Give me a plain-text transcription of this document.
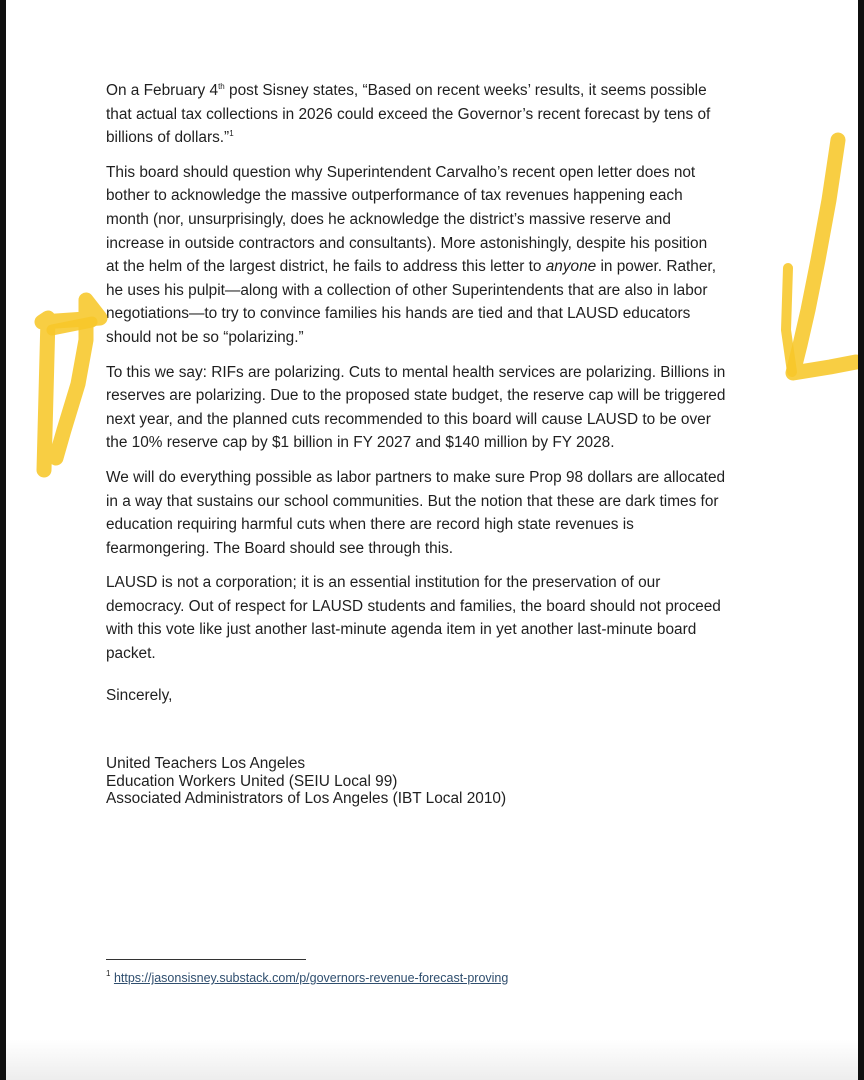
On a February 4th post Sisney states, “Based on recent weeks’ results, it seems possible
that actual tax collections in 2026 could exceed the Governor’s recent forecast by tens of
billions of dollars.”$^1$

This board should question why Superintendent Carvalho’s recent open letter does not
bother to acknowledge the massive outperformance of tax revenues happening each
month (nor, unsurprisingly, does he acknowledge the district’s massive reserve and
increase in outside contractors and consultants). More astonishingly, despite his position
at the helm of the largest district, he fails to address this letter to anyone in power. Rather,
he uses his pulpit—along with a collection of other Superintendents that are also in labor
negotiations—to try to convince families his hands are tied and that LAUSD educators
should not be so “polarizing.”

To this we say: RIFs are polarizing. Cuts to mental health services are polarizing. Billions in
reserves are polarizing. Due to the proposed state budget, the reserve cap will be triggered
next year, and the planned cuts recommended to this board will cause LAUSD to be over
the 10% reserve cap by $1 billion in FY 2027 and $140 million by FY 2028.

We will do everything possible as labor partners to make sure Prop 98 dollars are allocated
in a way that sustains our school communities. But the notion that these are dark times for
education requiring harmful cuts when there are record high state revenues is
fearmongering. The Board should see through this.

LAUSD is not a corporation; it is an essential institution for the preservation of our
democracy. Out of respect for LAUSD students and families, the board should not proceed
with this vote like just another last-minute agenda item in yet another last-minute board
packet.

Sincerely,
United Teachers Los Angeles
Education Workers United (SEIU Local 99)
Associated Administrators of Los Angeles (IBT Local 2010)
$^1$ https://jasonsisney.substack.com/p/governors-revenue-forecast-proving
